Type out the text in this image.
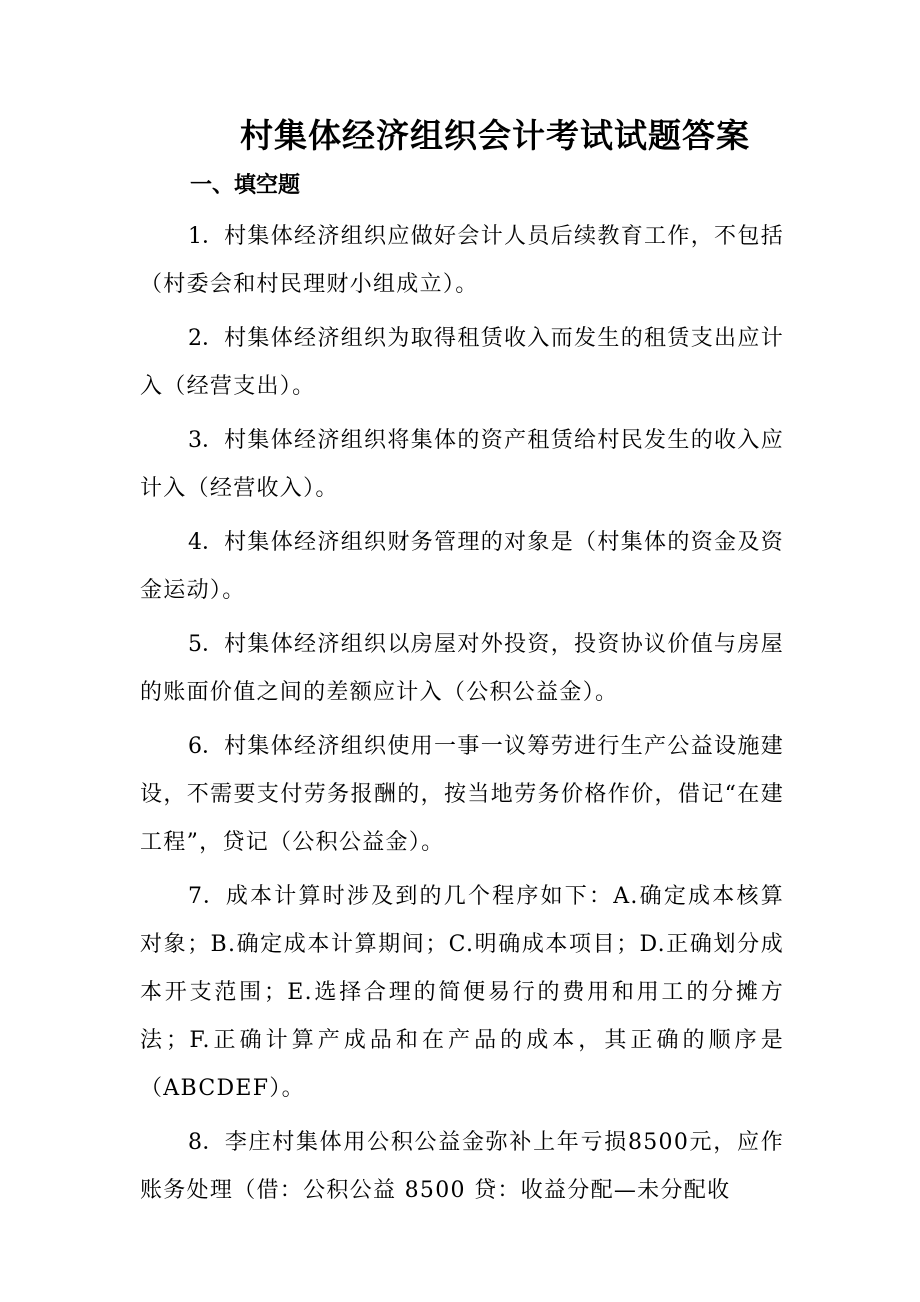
村集体经济组织会计考试试题答案
一、填空题
1．村集体经济组织应做好会计人员后续教育工作，不包括（村委会和村民理财小组成立）。
2．村集体经济组织为取得租赁收入而发生的租赁支出应计入（经营支出）。
3．村集体经济组织将集体的资产租赁给村民发生的收入应计入（经营收入）。
4．村集体经济组织财务管理的对象是（村集体的资金及资金运动）。
5．村集体经济组织以房屋对外投资，投资协议价值与房屋的账面价值之间的差额应计入（公积公益金）。
6．村集体经济组织使用一事一议筹劳进行生产公益设施建设，不需要支付劳务报酬的，按当地劳务价格作价，借记“在建工程”，贷记（公积公益金）。
7．成本计算时涉及到的几个程序如下：A.确定成本核算对象；B.确定成本计算期间；C.明确成本项目；D.正确划分成本开支范围；E.选择合理的简便易行的费用和用工的分摊方法；F.正确计算产成品和在产品的成本，其正确的顺序是（ABCDEF）。
8．李庄村集体用公积公益金弥补上年亏损8500元，应作账务处理（借：公积公益 8500 贷：收益分配—未分配收
